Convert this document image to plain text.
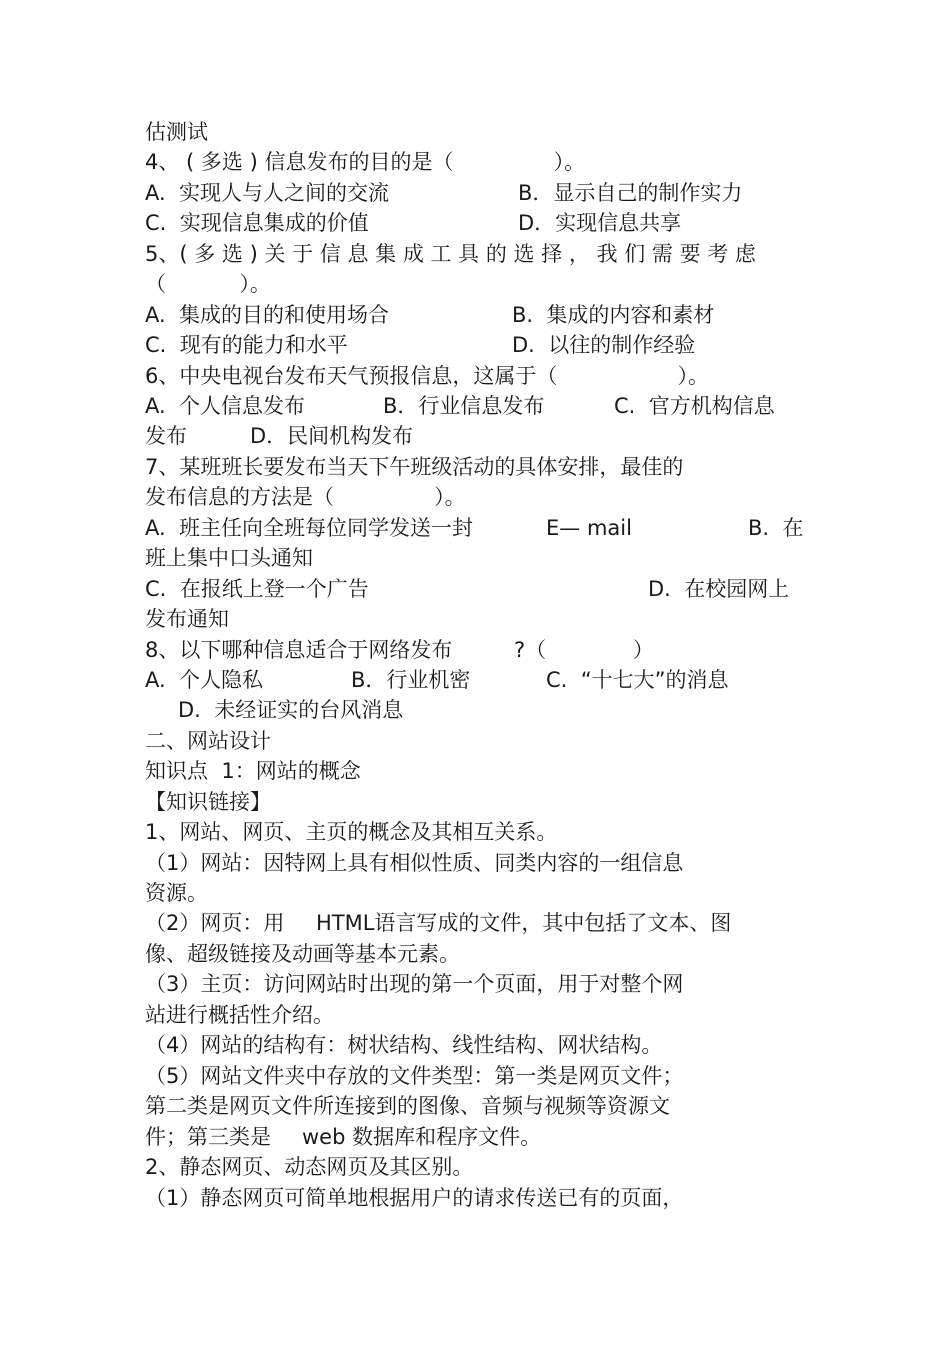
估测试
4、 ( 多选 ) 信息发布的目的是（               ）。
A.  实现人与人之间的交流	B．显示自己的制作实力
C.  实现信息集成的价值	D．实现信息共享
5、( 多 选 ) 关 于 信 息 集 成 工 具 的 选 择 ， 我 们 需 要 考 虑
（           ）。
A.  集成的目的和使用场合	B.  集成的内容和素材
C.  现有的能力和水平	D.  以往的制作经验
6、中央电视台发布天气预报信息，这属于（                  ）。
A.  个人信息发布	B．行业信息发布	C.  官方机构信息
发布	D．民间机构发布
7、某班班长要发布当天下午班级活动的具体安排，最佳的
发布信息的方法是（               ）。
A.  班主任向全班每位同学发送一封	E— mail	B.  在
班上集中口头通知
C.  在报纸上登一个广告	D.  在校园网上
发布通知
8、以下哪种信息适合于网络发布	?（             ）
A.  个人隐私	B．行业机密	C.  “十七大”的消息
D.  未经证实的台风消息
二、网站设计
知识点  1：网站的概念
【知识链接】
1、网站、网页、主页的概念及其相互关系。
（1）网站：因特网上具有相似性质、同类内容的一组信息
资源。
（2）网页：用 HTML语言写成的文件，其中包括了文本、图
像、超级链接及动画等基本元素。
（3）主页：访问网站时出现的第一个页面，用于对整个网
站进行概括性介绍。
（4）网站的结构有：树状结构、线性结构、网状结构。
（5）网站文件夹中存放的文件类型：第一类是网页文件；
第二类是网页文件所连接到的图像、音频与视频等资源文
件；第三类是 web 数据库和程序文件。
2、静态网页、动态网页及其区别。
（1）静态网页可简单地根据用户的请求传送已有的页面，
